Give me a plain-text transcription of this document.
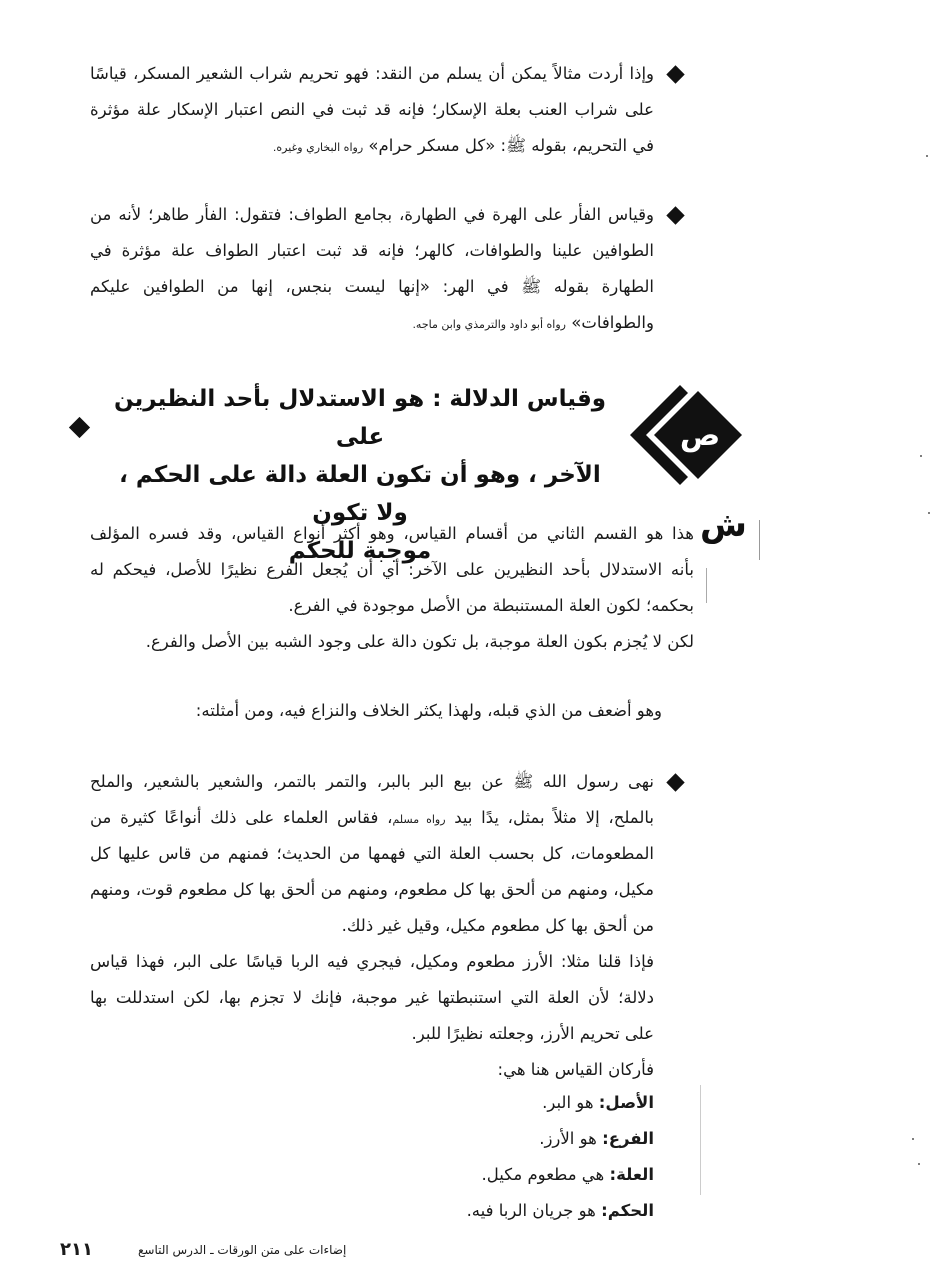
وإذا أردت مثالاً يمكن أن يسلم من النقد: فهو تحريم شراب الشعير المسكر، قياسًا
على شراب العنب بعلة الإسكار؛ فإنه قد ثبت في النص اعتبار الإسكار علة مؤثرة
في التحريم، بقوله ﷺ: «كل مسكر حرام» رواه البخاري وغيره.
وقياس الفأر على الهرة في الطهارة، بجامع الطواف: فتقول: الفأر طاهر؛ لأنه من
الطوافين علينا والطوافات، كالهر؛ فإنه قد ثبت اعتبار الطواف علة مؤثرة في
الطهارة بقوله ﷺ في الهر: «إنها ليست بنجس، إنها من الطوافين عليكم
والطوافات» رواه أبو داود والترمذي وابن ماجه.
ص
وقياس الدلالة : هو الاستدلال بأحد النظيرين على
الآخر ، وهو أن تكون العلة دالة على الحكم ، ولا تكون
موجبة للحكم
ش
هذا هو القسم الثاني من أقسام القياس، وهو أكثر أنواع القياس، وقد فسره المؤلف
بأنه الاستدلال بأحد النظيرين على الآخر: أي أن يُجعل الفرع نظيرًا للأصل، فيحكم له
بحكمه؛ لكون العلة المستنبطة من الأصل موجودة في الفرع.
لكن لا يُجزم بكون العلة موجبة، بل تكون دالة على وجود الشبه بين الأصل والفرع.
وهو أضعف من الذي قبله، ولهذا يكثر الخلاف والنزاع فيه، ومن أمثلته:
نهى رسول الله ﷺ عن بيع البر بالبر، والتمر بالتمر، والشعير بالشعير، والملح
بالملح، إلا مثلاً بمثل، يدًا بيد رواه مسلم، فقاس العلماء على ذلك أنواعًا كثيرة من
المطعومات، كل بحسب العلة التي فهمها من الحديث؛ فمنهم من قاس عليها كل
مكيل، ومنهم من ألحق بها كل مطعوم، ومنهم من ألحق بها كل مطعوم قوت، ومنهم
من ألحق بها كل مطعوم مكيل، وقيل غير ذلك.
فإذا قلنا مثلا: الأرز مطعوم ومكيل، فيجري فيه الربا قياسًا على البر، فهذا قياس
دلالة؛ لأن العلة التي استنبطتها غير موجبة، فإنك لا تجزم بها، لكن استدللت بها
على تحريم الأرز، وجعلته نظيرًا للبر.
فأركان القياس هنا هي:
الأصل: هو البر.
الفرع: هو الأرز.
العلة: هي مطعوم مكيل.
الحكم: هو جريان الربا فيه.
٢١١	إضاءات على متن الورقات ـ الدرس التاسع
